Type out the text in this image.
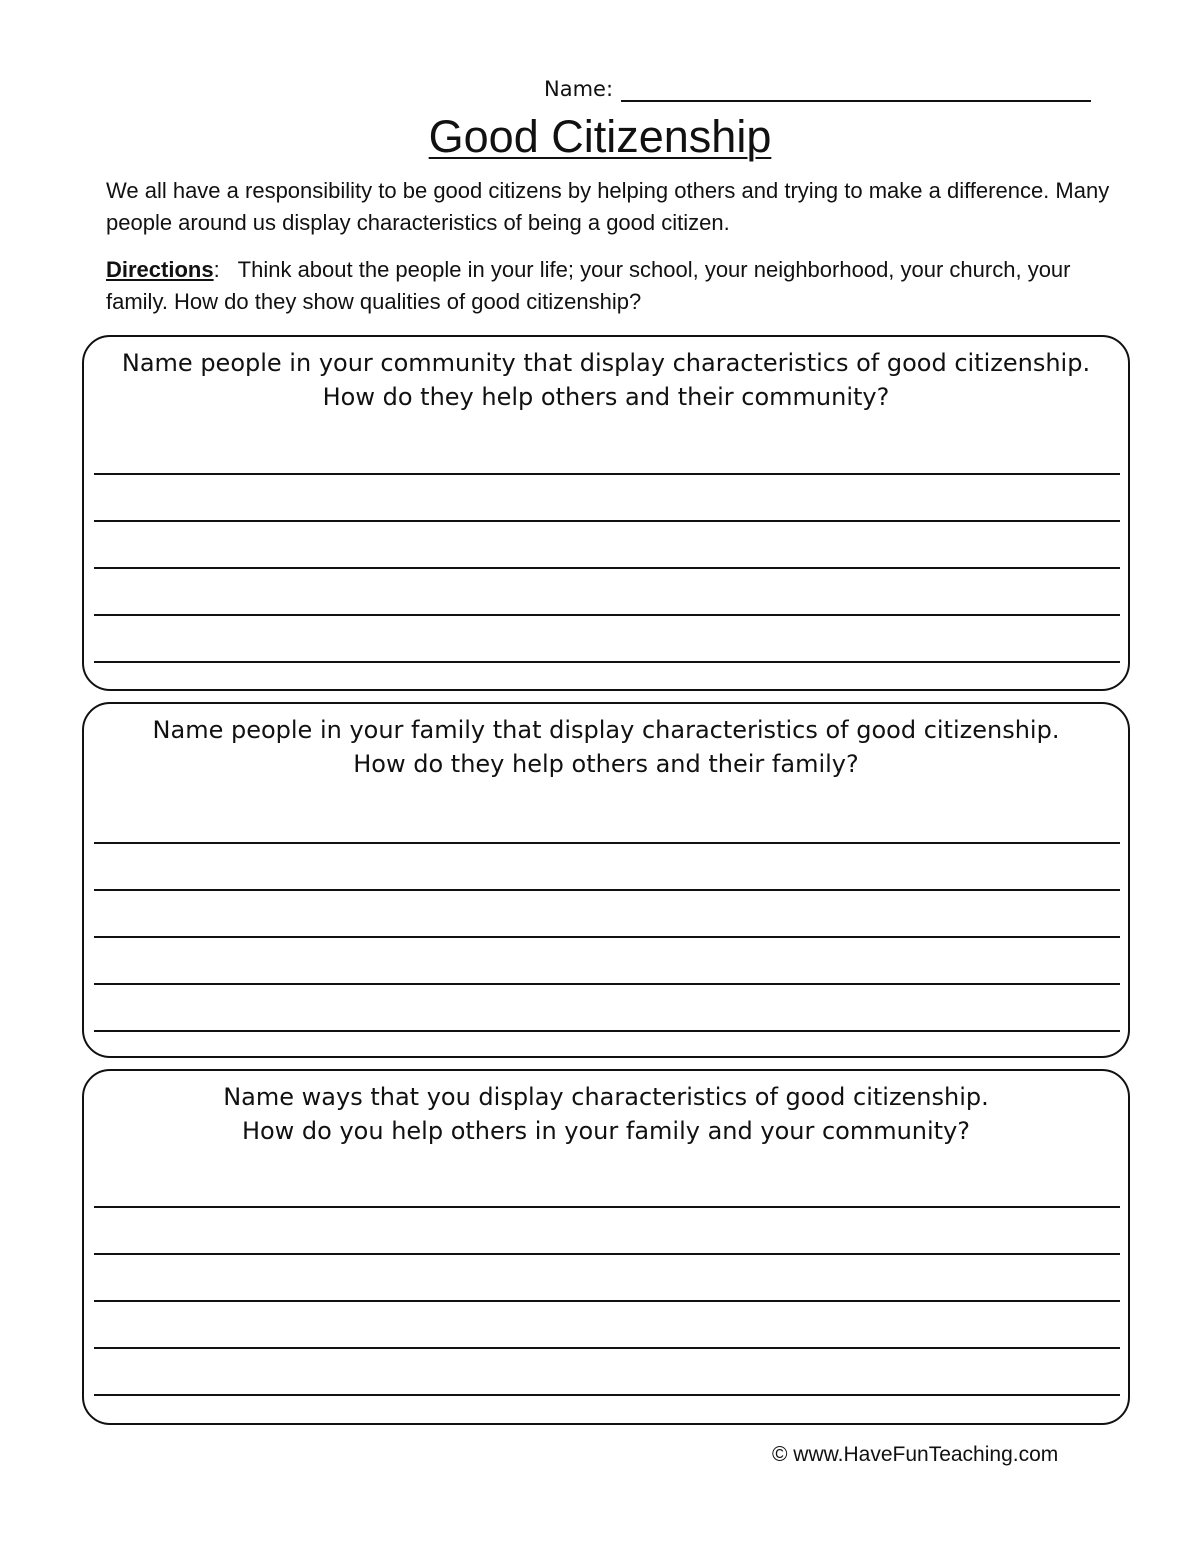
Name:
Good Citizenship

We all have a responsibility to be good citizens by helping others and trying to make a difference. Many people around us display characteristics of being a good citizen.

Directions:   Think about the people in your life; your school, your neighborhood, your church, your family. How do they show qualities of good citizenship?

Name people in your community that display characteristics of good citizenship.
How do they help others and their community?
Name people in your family that display characteristics of good citizenship.
How do they help others and their family?
Name ways that you display characteristics of good citizenship.
How do you help others in your family and your community?
© www.HaveFunTeaching.com
